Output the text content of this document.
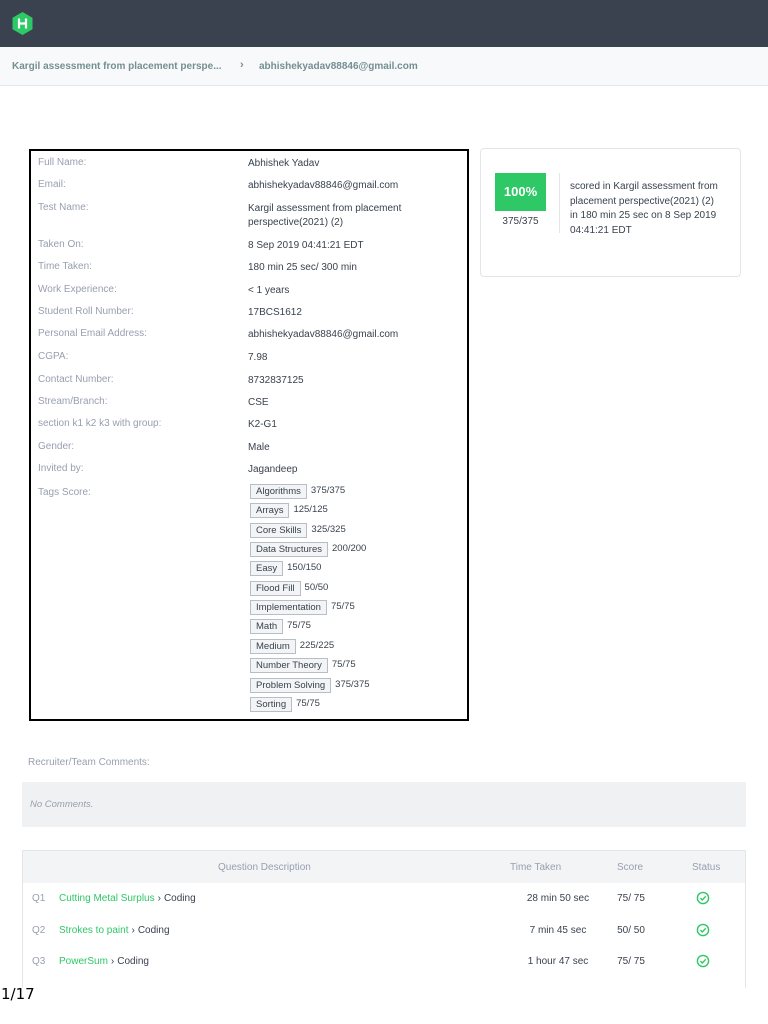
Kargil assessment from placement perspe... › abhishekyadav88846@gmail.com
Full Name:	Abhishek Yadav
Email:	abhishekyadav88846@gmail.com
Test Name:	Kargil assessment from placement perspective(2021) (2)
Taken On:	8 Sep 2019 04:41:21 EDT
Time Taken:	180 min 25 sec/ 300 min
Work Experience:	< 1 years
Student Roll Number:	17BCS1612
Personal Email Address:	abhishekyadav88846@gmail.com
CGPA:	7.98
Contact Number:	8732837125
Stream/Branch:	CSE
section k1 k2 k3 with group:	K2-G1
Gender:	Male
Invited by:	Jagandeep
Tags Score:	Algorithms 375/375
Arrays 125/125
Core Skills 325/325
Data Structures 200/200
Easy 150/150
Flood Fill 50/50
Implementation 75/75
Math 75/75
Medium 225/225
Number Theory 75/75
Problem Solving 375/375
Sorting 75/75
100%
375/375
scored in Kargil assessment from placement perspective(2021) (2) in 180 min 25 sec on 8 Sep 2019 04:41:21 EDT
Recruiter/Team Comments:
No Comments.
Question Description	Time Taken	Score	Status
Q1 Cutting Metal Surplus › Coding	28 min 50 sec	75/ 75
Q2 Strokes to paint › Coding	7 min 45 sec	50/ 50
Q3 PowerSum › Coding	1 hour 47 sec	75/ 75
1/17
